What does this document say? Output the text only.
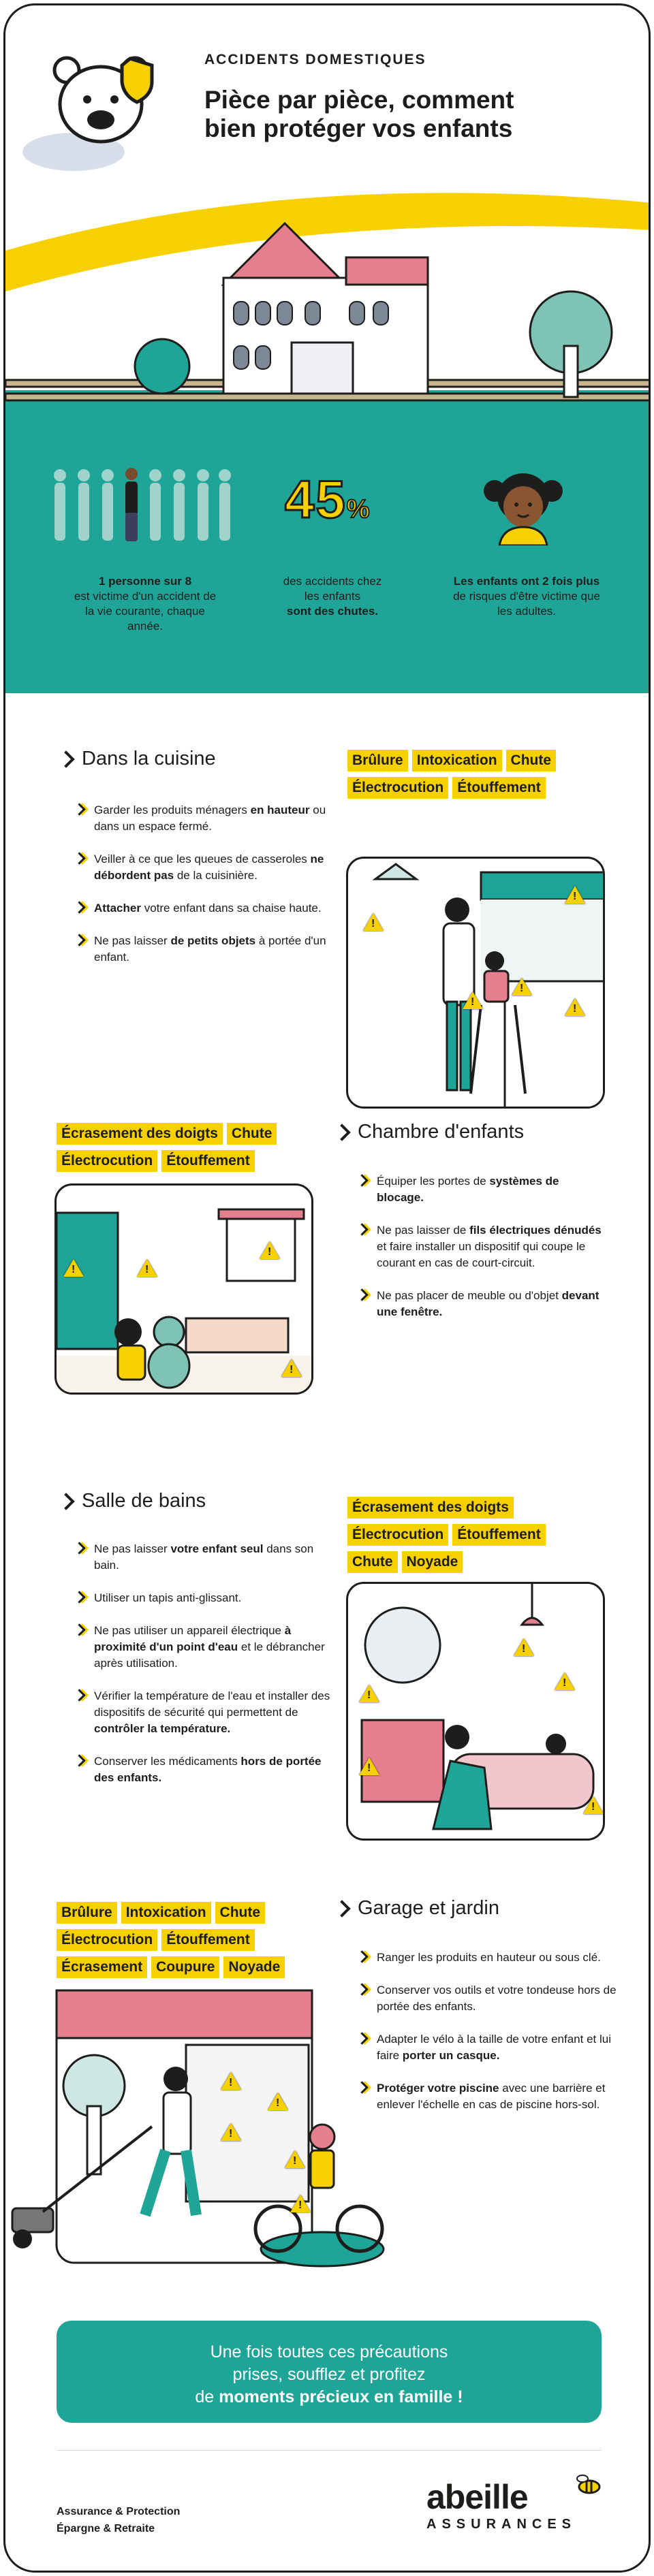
ACCIDENTS DOMESTIQUES
Pièce par pièce, comment
bien protéger vos enfants
1 personne sur 8
est victime d'un accident de la vie courante, chaque année.
45%
des accidents chez les enfants
sont des chutes.
Les enfants ont 2 fois plus
de risques d'être victime que les adultes.
Dans la cuisine
Garder les produits ménagers en hauteur ou dans un espace fermé.
Veiller à ce que les queues de casseroles ne débordent pas de la cuisinière.
Attacher votre enfant dans sa chaise haute.
Ne pas laisser de petits objets à portée d'un enfant.
Brûlure Intoxication Chute
Électrocution Étouffement
!
!
!
!
!
Écrasement des doigts Chute
Électrocution Étouffement
Chambre d'enfants
Équiper les portes de systèmes de blocage.
Ne pas laisser de fils électriques dénudés et faire installer un dispositif qui coupe le courant en cas de court-circuit.
Ne pas placer de meuble ou d'objet devant une fenêtre.
!
!
!
!
Salle de bains
Ne pas laisser votre enfant seul dans son bain.
Utiliser un tapis anti-glissant.
Ne pas utiliser un appareil électrique à proximité d'un point d'eau et le débrancher après utilisation.
Vérifier la température de l'eau et installer des dispositifs de sécurité qui permettent de contrôler la température.
Conserver les médicaments hors de portée des enfants.
Écrasement des doigts
Électrocution Étouffement
Chute Noyade
!
!
!
!
!
Brûlure Intoxication Chute
Électrocution Étouffement
Écrasement Coupure Noyade
Garage et jardin
Ranger les produits en hauteur ou sous clé.
Conserver vos outils et votre tondeuse hors de portée des enfants.
Adapter le vélo à la taille de votre enfant et lui faire porter un casque.
Protéger votre piscine avec une barrière et enlever l'échelle en cas de piscine hors-sol.
!
!
!
!
!
Une fois toutes ces précautions
prises, soufflez et profitez
de moments précieux en famille !
Assurance & Protection
Épargne & Retraite
abeille
ASSURANCES
